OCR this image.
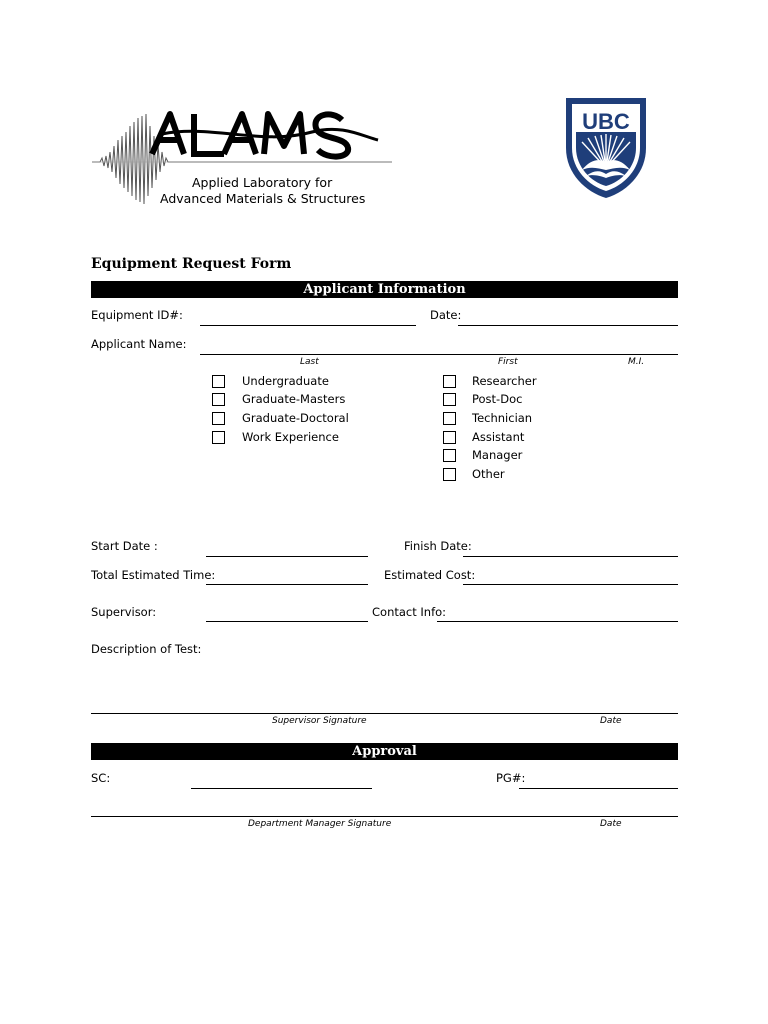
Applied Laboratory for
Advanced Materials & Structures
UBC
Equipment Request Form
Applicant Information
Equipment ID#:	Date:
Applicant Name:
Last	First	M.I.
Undergraduate
Graduate-Masters
Graduate-Doctoral
Work Experience
Researcher
Post-Doc
Technician
Assistant
Manager
Other
Start Date :	Finish Date:
Total Estimated Time:	Estimated Cost:
Supervisor:	Contact Info:
Description of Test:
Supervisor Signature	Date
Approval
SC:	PG#:
Department Manager Signature	Date
